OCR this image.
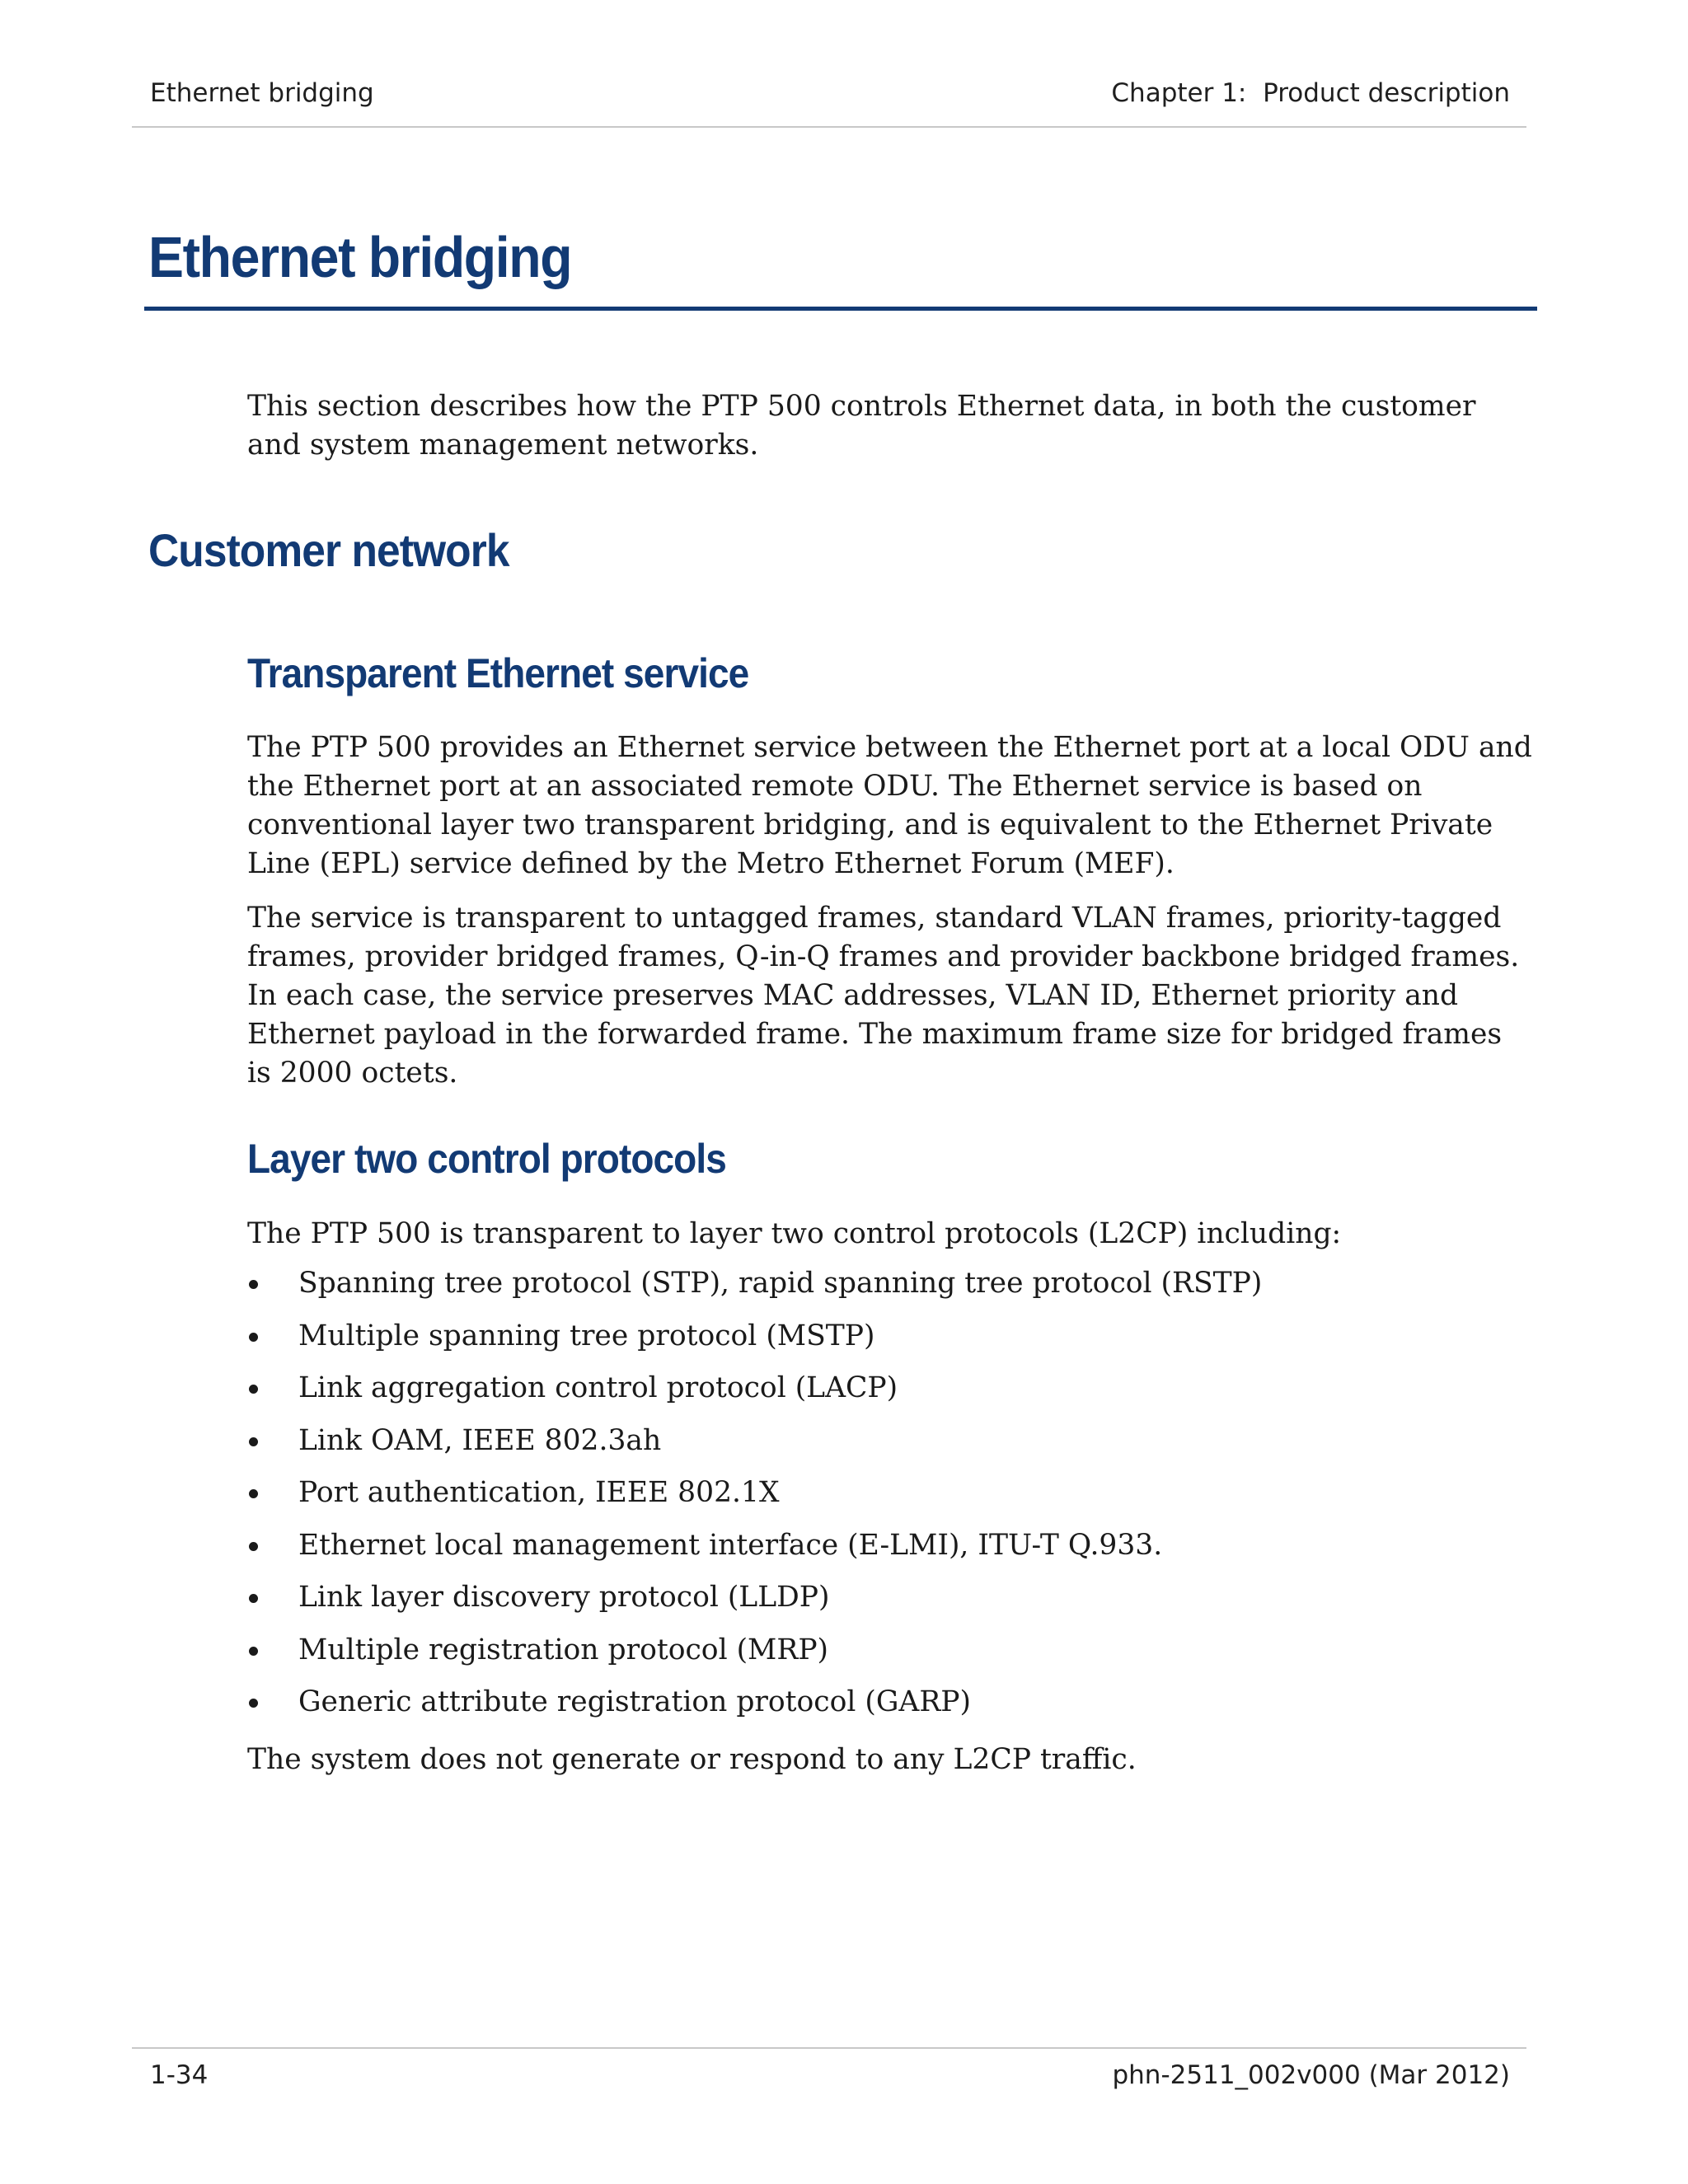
Ethernet bridging	Chapter 1:  Product description
Ethernet bridging

This section describes how the PTP 500 controls Ethernet data, in both the customer and system management networks.

Customer network
Transparent Ethernet service

The PTP 500 provides an Ethernet service between the Ethernet port at a local ODU and the Ethernet port at an associated remote ODU. The Ethernet service is based on conventional layer two transparent bridging, and is equivalent to the Ethernet Private Line (EPL) service defined by the Metro Ethernet Forum (MEF).

The service is transparent to untagged frames, standard VLAN frames, priority-tagged frames, provider bridged frames, Q-in-Q frames and provider backbone bridged frames. In each case, the service preserves MAC addresses, VLAN ID, Ethernet priority and Ethernet payload in the forwarded frame. The maximum frame size for bridged frames is 2000 octets.

Layer two control protocols

The PTP 500 is transparent to layer two control protocols (L2CP) including:

Spanning tree protocol (STP), rapid spanning tree protocol (RSTP)
Multiple spanning tree protocol (MSTP)
Link aggregation control protocol (LACP)
Link OAM, IEEE 802.3ah
Port authentication, IEEE 802.1X
Ethernet local management interface (E-LMI), ITU-T Q.933.
Link layer discovery protocol (LLDP)
Multiple registration protocol (MRP)
Generic attribute registration protocol (GARP)

The system does not generate or respond to any L2CP traffic.

1-34	phn-2511_002v000 (Mar 2012)
